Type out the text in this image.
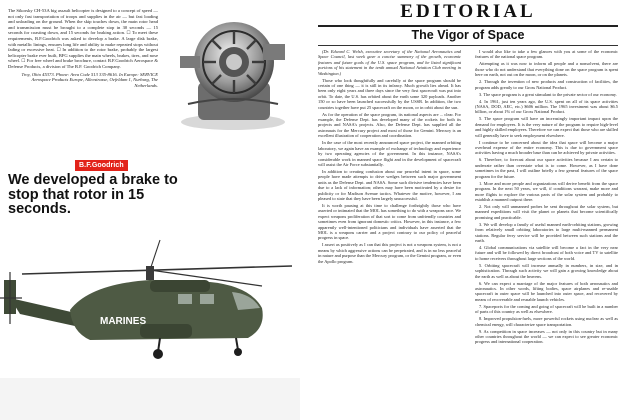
The Sikorsky CH-53A big assault helicopter is designed to a concept of speed — not only fast transportation of troops and supplies in the air — but fast loading and unloading on the ground. When the skip touches down, the main rotor head and transmission must be brought to a complete stop in 30 seconds — 15 seconds for coasting down, and 15 seconds for braking action. ☐ To meet these requirements, B.F.Goodrich was asked to develop a brake. A large disk brake, with metallic linings, ensures long life and ability to make repeated stops without fading or excessive heat. ☐ In addition to the rotor brake, probably the largest helicopter brake ever built, BFG supplies the main wheels, brakes, tires, and nose wheel. ☐ For free wheel and brake brochure, contact B.F.Goodrich Aerospace & Defense Products, a division of The B.F. Goodrich Company.

Troy, Ohio 45373. Phone: Area Code 513 335-8616. In Europe: SERVICE Aerospace Products Europe, Alleestrasse, Oefeldam 1, Nurburg, The Netherlands.

B.F.Goodrich
We developed a brake to stop that rotor in 15 seconds.
MARINES
EDITORIAL
The Vigor of Space

(Dr. Edward C. Welsh, executive secretary of the National Aeronautics and Space Council, last week gave a concise summary of the growth, economic features and future goals of the U.S. space program, and he listed significant portions of his statement in the tenth annual National Aviation Club meeting in Washington.)

Those who look thoughtfully and carefully at the space program should be certain of one thing — it is still in its infancy. Much growth lies ahead. It has been only eight years and three days since the very first spacecraft was put into orbit. To date, the U.S. has orbited about the earth some 320 payloads. Another 150 or so have been launched successfully by the USSR. In addition, the two countries together have put 25 spacecraft on the moon, or in orbit about the sun.

As for the operation of the space program, its national aspects are ... clear. For example, the Defense Dept. has developed many of the rockets for both its projects and NASA's projects. Also, the Defense Dept. has supplied all the astronauts for the Mercury project and most of those for Gemini. Mercury is an excellent illustration of cooperation and coordination.

In the case of the most recently announced space project, the manned orbiting laboratory, we again have an example of exchange of technology and experience by two operating agencies of the government. In this instance, NASA's considerable work in manned space flight and in the development of spacecraft will assist the Air Force substantially.

In addition to creating confusion about our peaceful intent in space, some people have made attempts to drive wedges between such major government units as the Defense Dept. and NASA. Some such divisive tendencies have been due to a lack of information; others may have been motivated by a desire for publicity or for Madison Avenue tactics. Whatever the motive, however, I am pleased to state that they have been largely unsuccessful.

It is worth pausing at this time to challenge forthrightly those who have asserted or intimated that the MOL has something to do with a weapons race. We expect weapons proliferation of that sort to come from unfriendly countries and sometimes even from ignorant domestic critics. However, in this instance, a few apparently well-intentioned politicians and individuals have asserted that the MOL is a weapons carrier and a project contrary to our policy of peaceful progress in space.

I assert as positively as I can that this project is not a weapons system, is not a means by which aggressive actions can be perpetrated, and is in no less peaceful in nature and purpose than the Mercury program, or the Gemini program, or even the Apollo program.

I would also like to take a few glances with you at some of the economic features of the national space program.

Attempting as it was now to inform all people and a nonsolvent, there are those who do not understand that everything done on the space program is spent here on earth, not out on the moon, or on the planets.

2. Through the invention of new products and construction of facilities, the program adds greatly to our Gross National Product.

3. The space program is a great stimulant to the private sector of our economy.

4. In 1961, just ten years ago, the U.S. spent on all of its space activities (NASA, DOD, AEC, etc.) $606 million. The 1965 investment was about $6.5 billion, or about 1% of our Gross National Product.

5. The space program will have an increasingly important impact upon the demand for employees. It is the very nature of the program to require high-level and highly skilled employees. Therefore we can expect that those who are skilled will generally have to seek employment elsewhere.

I continue to be concerned about the idea that space will become a major overhead expense of the entire economy. This is due to government space activities having a much broader base than can be achieved by private activities.

6. Therefore, to forecast about our space activities because I am certain to underrate rather than overstate what is to come. However, as I have done sometimes in the past, I will outline briefly a few general features of the space program for the future.

1. More and more people and organizations will derive benefit from the space program. In the next 50 years, we will, if conditions warrant, make more and more flights to explore the various parts of the solar system and probably to establish a manned outpost there.

2. Not only will unmanned probes be sent throughout the solar system, but manned expeditions will visit the planet or planets that become scientifically promising and practicable.

3. We will develop a family of useful manned earth-orbiting stations, growing from relatively small orbiting laboratories to large multi-manned permanent stations. Regular ferry service will be provided between such stations and the earth.

4. Global communications via satellite will become a fact in the very near future and will be followed by direct broadcast of both voice and TV to satellite to home receivers throughout large sections of the world.

5. Orbiting spacecraft will increase annually in numbers, in size, and in sophistication. Through such activity we will gain a growing knowledge about the earth as well as about the heavens.

6. We can expect a marriage of the major features of both aeronautics and astronautics. In other words, lifting bodies, space airplanes and re-usable spacecraft in outer space will be launched into outer space, and recovered by means of recoverable and reusable launch vehicles.

7. Spaceports for the coming and going of spacecraft will be built in a number of parts of this country as well as elsewhere.

8. Improved propulsion-fuels, more powerful rockets using nuclear as well as chemical energy, will characterize space transportation.

9. As competition in space increases — not only in this country but in many other countries throughout the world — we can expect to see greater economic progress and international cooperation.
